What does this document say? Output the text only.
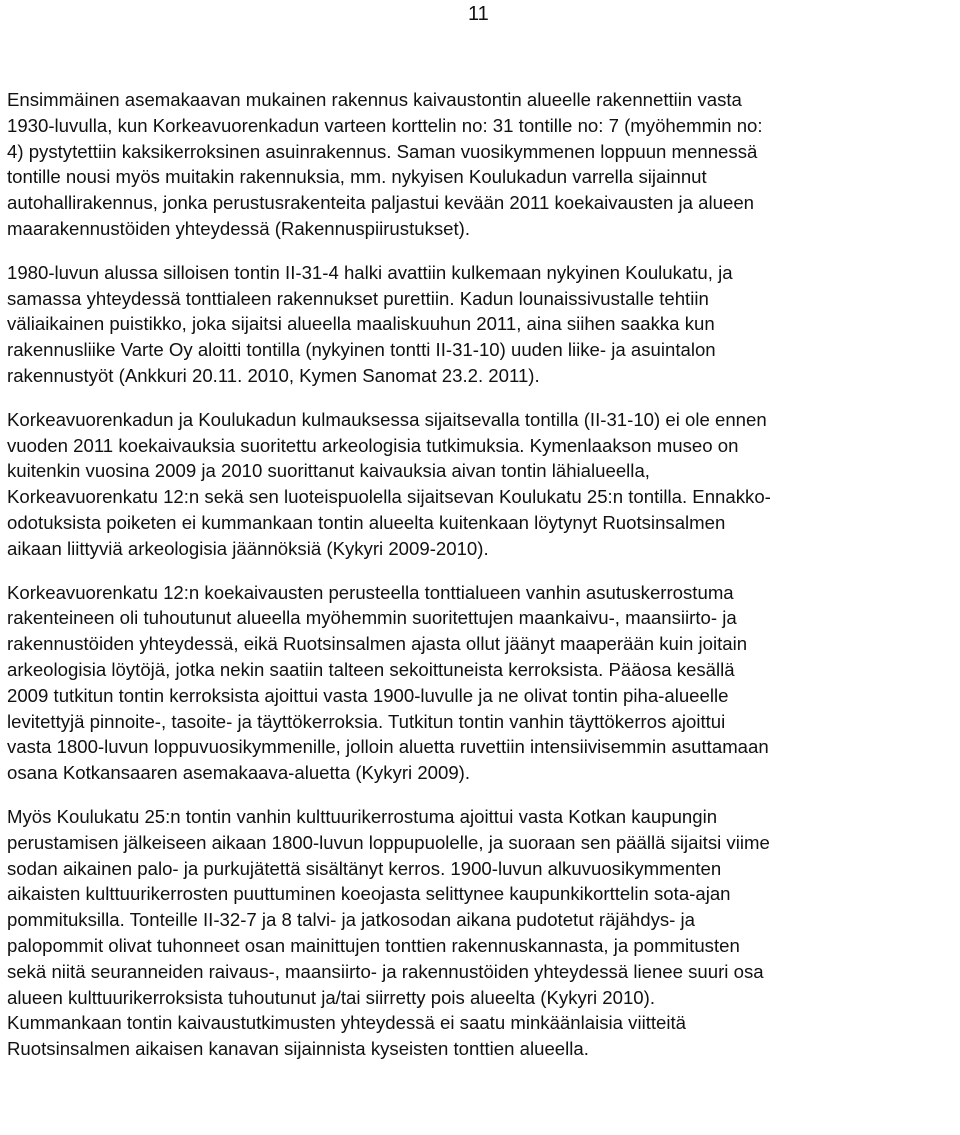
11

Ensimmäinen asemakaavan mukainen rakennus kaivaustontin alueelle rakennettiin vasta
1930-luvulla, kun Korkeavuorenkadun varteen korttelin no: 31 tontille no: 7 (myöhemmin no:
4) pystytettiin kaksikerroksinen asuinrakennus. Saman vuosikymmenen loppuun mennessä
tontille nousi myös muitakin rakennuksia, mm. nykyisen Koulukadun varrella sijainnut
autohallirakennus, jonka perustusrakenteita paljastui kevään 2011 koekaivausten ja alueen
maarakennustöiden yhteydessä (Rakennuspiirustukset).

1980-luvun alussa silloisen tontin II-31-4 halki avattiin kulkemaan nykyinen Koulukatu, ja
samassa yhteydessä tonttialeen rakennukset purettiin. Kadun lounaissivustalle tehtiin
väliaikainen puistikko, joka sijaitsi alueella maaliskuuhun 2011, aina siihen saakka kun
rakennusliike Varte Oy aloitti tontilla (nykyinen tontti II-31-10) uuden liike- ja asuintalon
rakennustyöt (Ankkuri 20.11. 2010, Kymen Sanomat 23.2. 2011).

Korkeavuorenkadun ja Koulukadun kulmauksessa sijaitsevalla tontilla (II-31-10) ei ole ennen
vuoden 2011 koekaivauksia suoritettu arkeologisia tutkimuksia. Kymenlaakson museo on
kuitenkin vuosina 2009 ja 2010 suorittanut kaivauksia aivan tontin lähialueella,
Korkeavuorenkatu 12:n sekä sen luoteispuolella sijaitsevan Koulukatu 25:n tontilla. Ennakko-
odotuksista poiketen ei kummankaan tontin alueelta kuitenkaan löytynyt Ruotsinsalmen
aikaan liittyviä arkeologisia jäännöksiä (Kykyri 2009-2010).

Korkeavuorenkatu 12:n koekaivausten perusteella tonttialueen vanhin asutuskerrostuma
rakenteineen oli tuhoutunut alueella myöhemmin suoritettujen maankaivu-, maansiirto- ja
rakennustöiden yhteydessä, eikä Ruotsinsalmen ajasta ollut jäänyt maaperään kuin joitain
arkeologisia löytöjä, jotka nekin saatiin talteen sekoittuneista kerroksista. Pääosa kesällä
2009 tutkitun tontin kerroksista ajoittui vasta 1900-luvulle ja ne olivat tontin piha-alueelle
levitettyjä pinnoite-, tasoite- ja täyttökerroksia. Tutkitun tontin vanhin täyttökerros ajoittui
vasta 1800-luvun loppuvuosikymmenille, jolloin aluetta ruvettiin intensiivisemmin asuttamaan
osana Kotkansaaren asemakaava-aluetta (Kykyri 2009).

Myös Koulukatu 25:n tontin vanhin kulttuurikerrostuma ajoittui vasta Kotkan kaupungin
perustamisen jälkeiseen aikaan 1800-luvun loppupuolelle, ja suoraan sen päällä sijaitsi viime
sodan aikainen palo- ja purkujätettä sisältänyt kerros. 1900-luvun alkuvuosikymmenten
aikaisten kulttuurikerrosten puuttuminen koeojasta selittynee kaupunkikorttelin sota-ajan
pommituksilla. Tonteille II-32-7 ja 8 talvi- ja jatkosodan aikana pudotetut räjähdys- ja
palopommit olivat tuhonneet osan mainittujen tonttien rakennuskannasta, ja pommitusten
sekä niitä seuranneiden raivaus-, maansiirto- ja rakennustöiden yhteydessä lienee suuri osa
alueen kulttuurikerroksista tuhoutunut ja/tai siirretty pois alueelta (Kykyri 2010).
Kummankaan tontin kaivaustutkimusten yhteydessä ei saatu minkäänlaisia viitteitä
Ruotsinsalmen aikaisen kanavan sijainnista kyseisten tonttien alueella.
